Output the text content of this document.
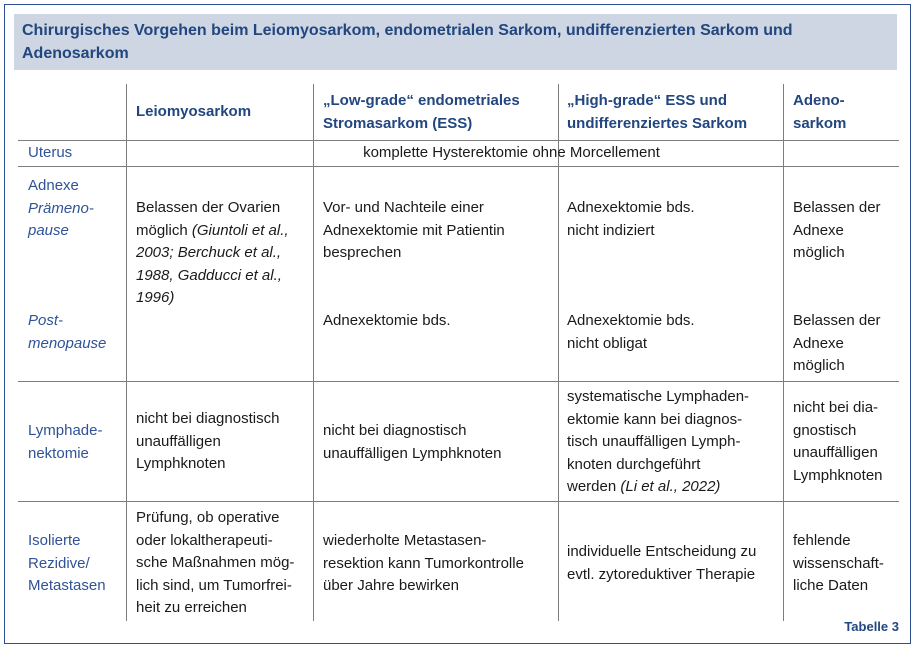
Chirurgisches Vorgehen beim Leiomyosarkom, endometrialen Sarkom, undifferenzierten Sarkom und Adenosarkom
Leiomyosarkom
„Low-grade“ endometriales
Stromasarkom (ESS)
„High-grade“ ESS und
undifferenziertes Sarkom
Adeno-
sarkom
Uterus	komplette Hysterektomie ohne Morcellement
Adnexe
Prämeno-
pause
Post-
menopause
Belassen der Ovarien
möglich (Giuntoli et al.,
2003; Berchuck et al.,
1988, Gadducci et al.,
1996)
Vor- und Nachteile einer
Adnexektomie mit Patientin
besprechen
Adnexektomie bds.
nicht indiziert
Belassen der
Adnexe
möglich
Adnexektomie bds.	Adnexektomie bds.
nicht obligat
Belassen der
Adnexe
möglich
Lymphade-
nektomie
nicht bei diagnostisch
unauffälligen
Lymphknoten
nicht bei diagnostisch
unauffälligen Lymphknoten
systematische Lymphaden-
ektomie kann bei diagnos-
tisch unauffälligen Lymph-
knoten durchgeführt
werden (Li et al., 2022)
nicht bei dia-
gnostisch
unauffälligen
Lymphknoten
Isolierte
Rezidive/
Metastasen
Prüfung, ob operative
oder lokaltherapeuti-
sche Maßnahmen mög-
lich sind, um Tumorfrei-
heit zu erreichen
wiederholte Metastasen-
resektion kann Tumorkontrolle
über Jahre bewirken
individuelle Entscheidung zu
evtl. zytoreduktiver Therapie
fehlende
wissenschaft-
liche Daten
Tabelle 3
